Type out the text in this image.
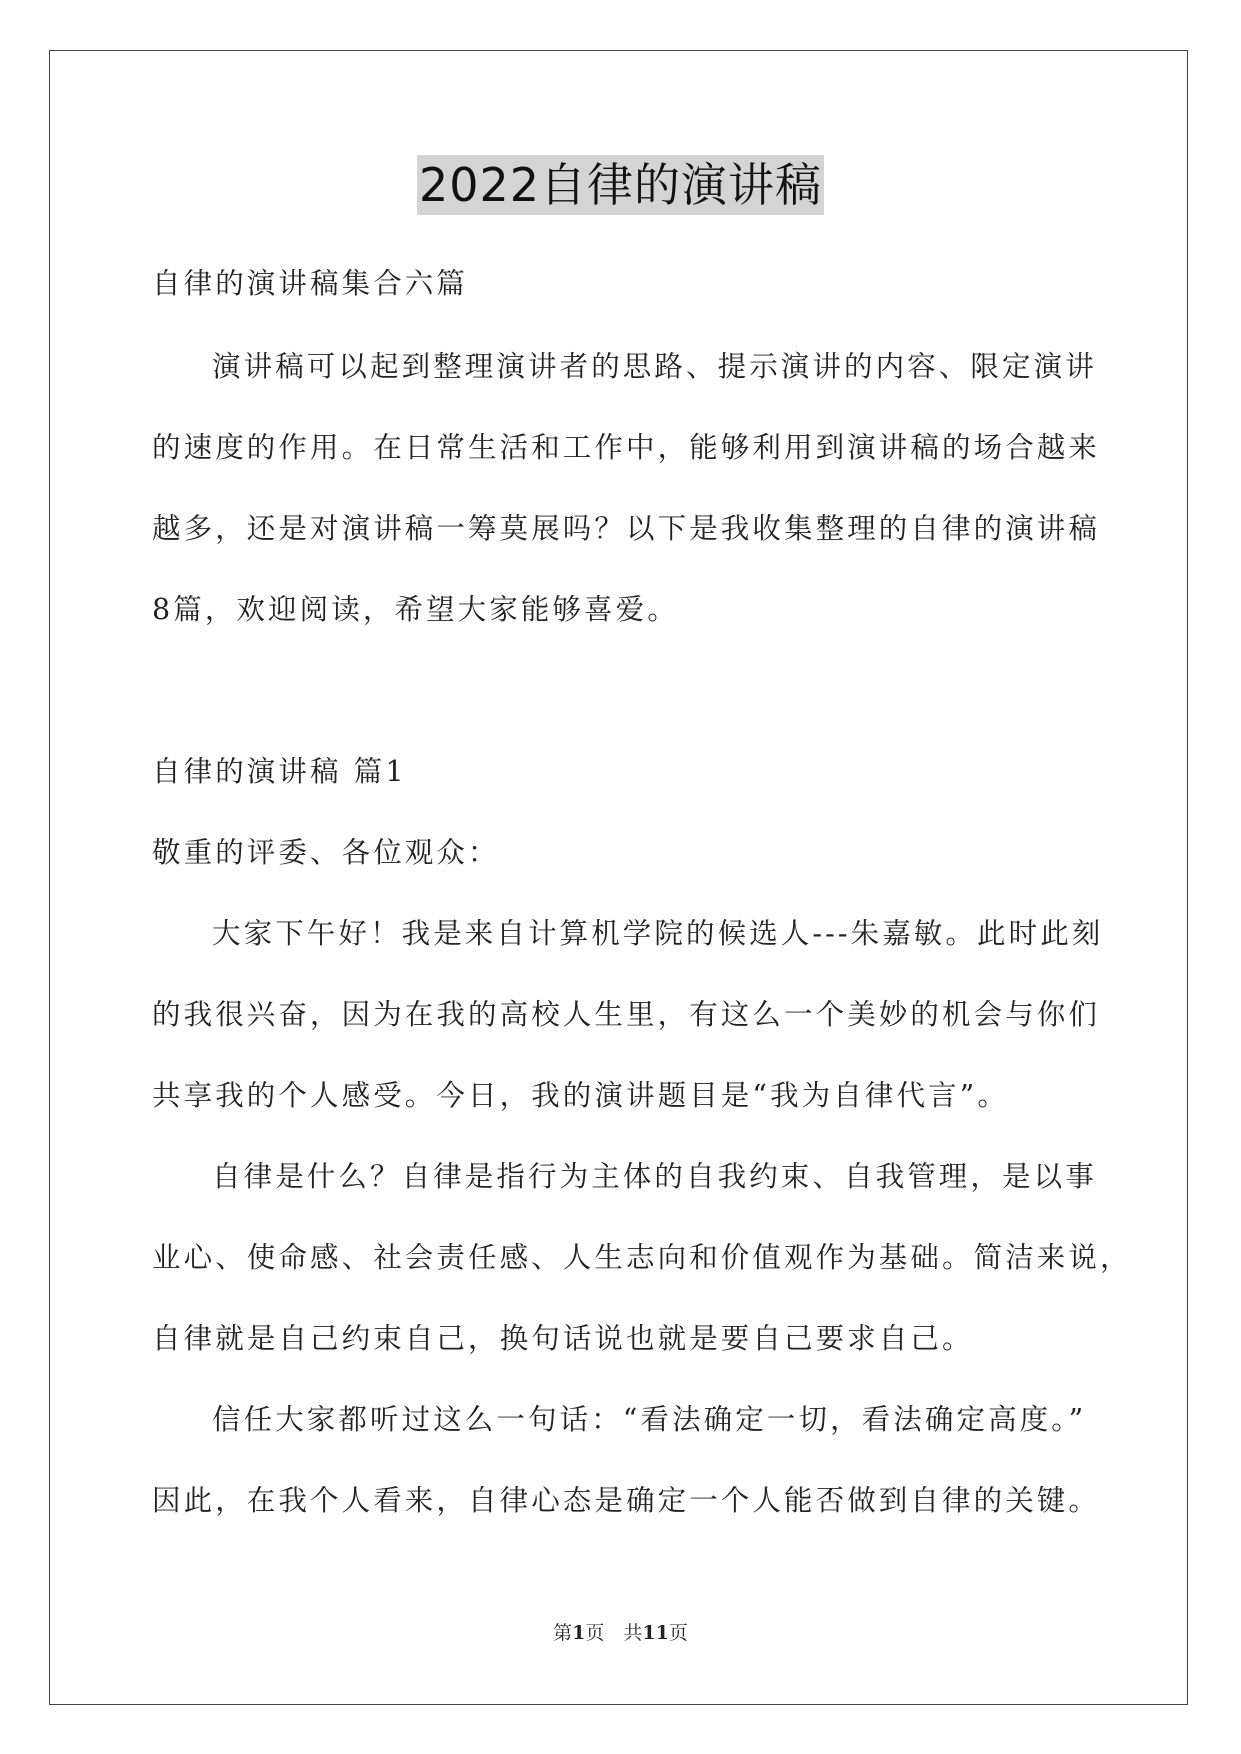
2022自律的演讲稿
自律的演讲稿集合六篇
演讲稿可以起到整理演讲者的思路、提示演讲的内容、限定演讲
的速度的作用。在日常生活和工作中，能够利用到演讲稿的场合越来
越多，还是对演讲稿一筹莫展吗？以下是我收集整理的自律的演讲稿
8篇，欢迎阅读，希望大家能够喜爱。
自律的演讲稿 篇1
敬重的评委、各位观众：
大家下午好！我是来自计算机学院的候选人---朱嘉敏。此时此刻
的我很兴奋，因为在我的高校人生里，有这么一个美妙的机会与你们
共享我的个人感受。今日，我的演讲题目是“我为自律代言”。
自律是什么？自律是指行为主体的自我约束、自我管理，是以事
业心、使命感、社会责任感、人生志向和价值观作为基础。简洁来说，
自律就是自己约束自己，换句话说也就是要自己要求自己。
信任大家都听过这么一句话：“看法确定一切，看法确定高度。”
因此，在我个人看来，自律心态是确定一个人能否做到自律的关键。
第1页　共11页
